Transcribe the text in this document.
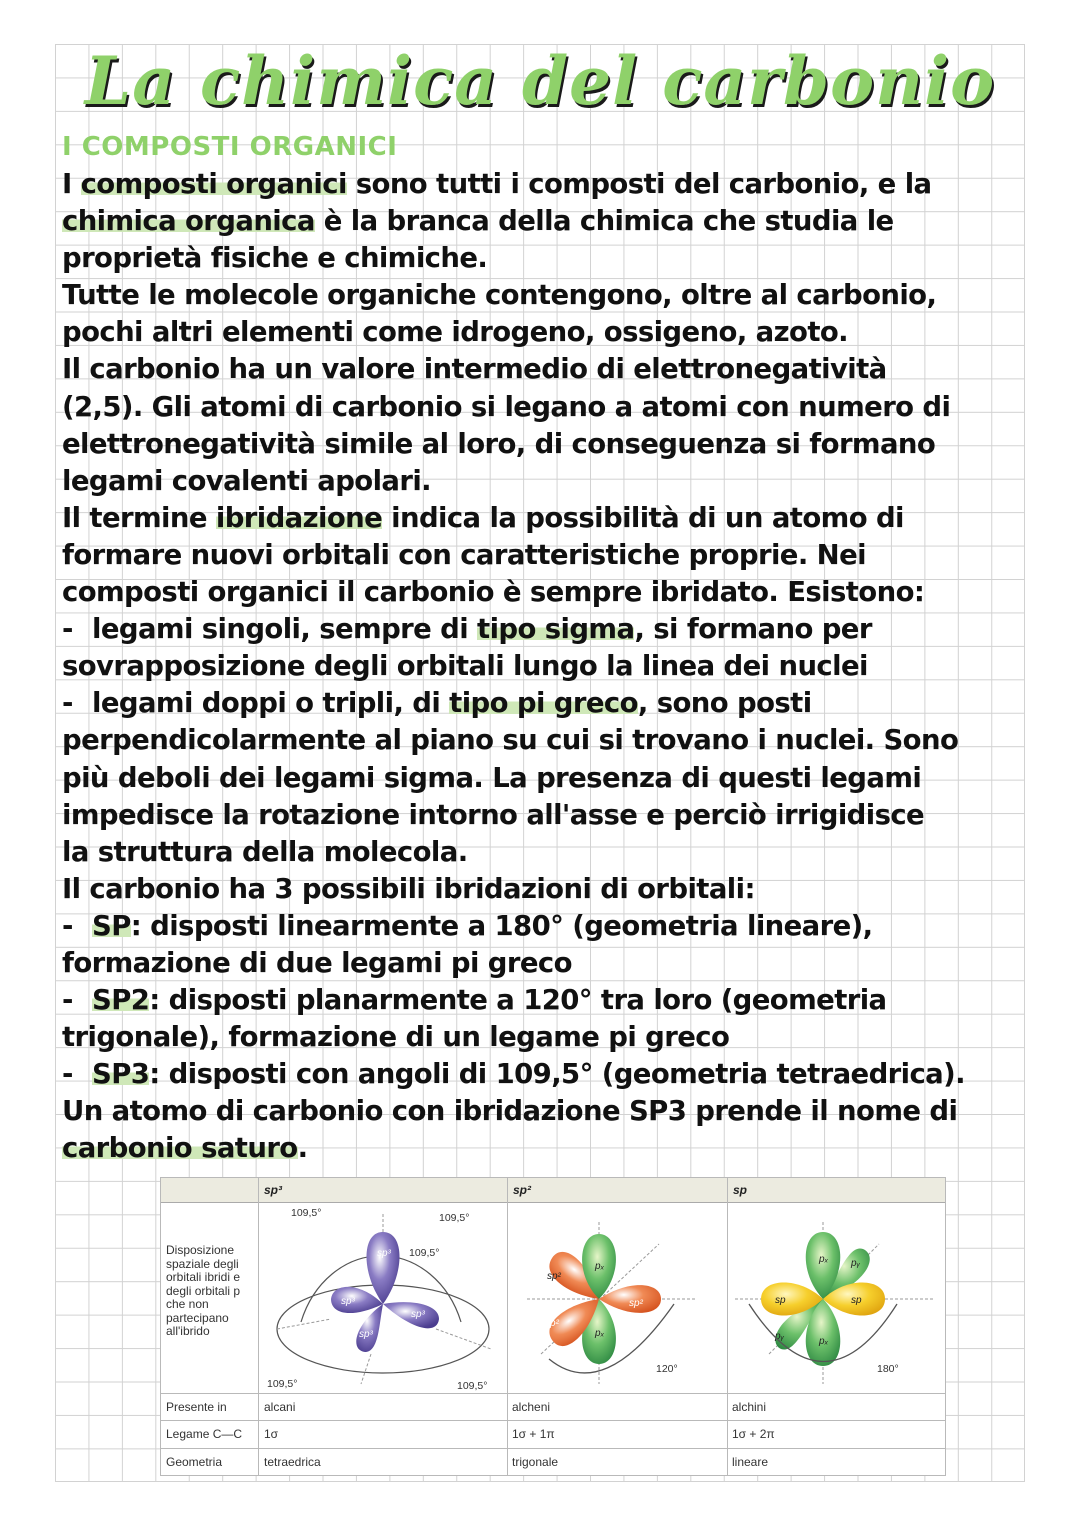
La chimica del carbonio
I COMPOSTI ORGANICI
I composti organici sono tutti i composti del carbonio, e la
chimica organica è la branca della chimica che studia le
proprietà fisiche e chimiche.
Tutte le molecole organiche contengono, oltre al carbonio,
pochi altri elementi come idrogeno, ossigeno, azoto.
Il carbonio ha un valore intermedio di elettronegatività
(2,5). Gli atomi di carbonio si legano a atomi con numero di
elettronegatività simile al loro, di conseguenza si formano
legami covalenti apolari.
Il termine ibridazione indica la possibilità di un atomo di
formare nuovi orbitali con caratteristiche proprie. Nei
composti organici il carbonio è sempre ibridato. Esistono:
- legami singoli, sempre di tipo sigma, si formano per
sovrapposizione degli orbitali lungo la linea dei nuclei
- legami doppi o tripli, di tipo pi greco, sono posti
perpendicolarmente al piano su cui si trovano i nuclei. Sono
più deboli dei legami sigma. La presenza di questi legami
impedisce la rotazione intorno all'asse e perciò irrigidisce
la struttura della molecola.
Il carbonio ha 3 possibili ibridazioni di orbitali:
- SP: disposti linearmente a 180° (geometria lineare),
formazione di due legami pi greco
- SP2: disposti planarmente a 120° tra loro (geometria
trigonale), formazione di un legame pi greco
- SP3: disposti con angoli di 109,5° (geometria tetraedrica).
Un atomo di carbonio con ibridazione SP3 prende il nome di
carbonio saturo.
sp³	sp²	sp
Disposizione spaziale degli orbitali ibridi e degli orbitali p che non partecipano all'ibrido
sp³
sp³
sp³
sp³
109,5°	109,5°
109,5°
109,5°	109,5°
sp²
sp²
sp²
pₓ
pₓ
120°
pₓ
pₓ
pᵧ
pᵧ
sp	sp
180°
Presente in	alcani	alcheni	alchini
Legame C—C 1σ	1σ + 1π	1σ + 2π
Geometria	tetraedrica	trigonale	lineare
